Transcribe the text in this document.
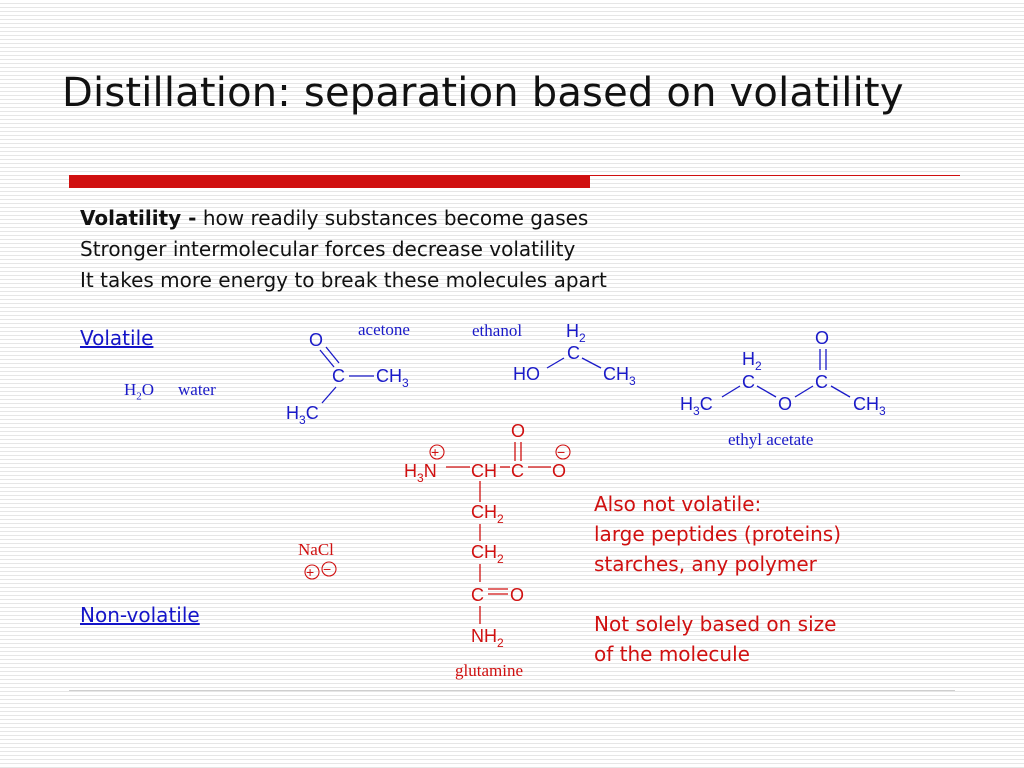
Distillation: separation based on volatility
Volatility - how readily substances become gases
Stronger intermolecular forces decrease volatility
It takes more energy to break these molecules apart
Volatile
Non-volatile
$H_2O$ water
acetone	ethanol
ethyl acetate
NaCl
glutamine
O
C $CH_3$
$H_3C$
$H_2$
C
HO	$CH_3$
$H_2$
C
O
C
$H_3C$	O	$CH_3$
+ −
+	−
O
$H_3N$ CH C O
$CH_2$
$CH_2$
C O
$NH_2$
Also not volatile:
large peptides (proteins)
starches, any polymer
Not solely based on size
of the molecule
